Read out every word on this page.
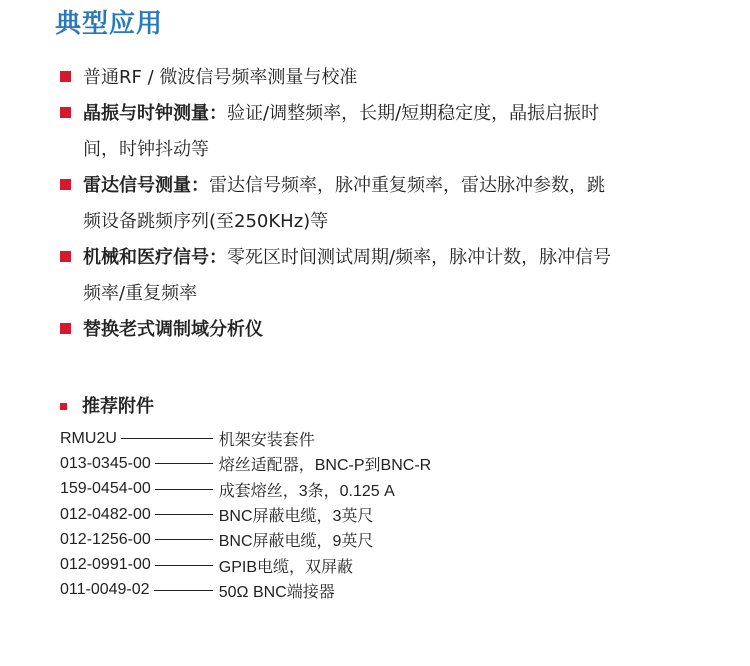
典型应用
普通RF / 微波信号频率测量与校准
晶振与时钟测量：验证/调整频率，长期/短期稳定度，晶振启振时间，时钟抖动等
雷达信号测量：雷达信号频率，脉冲重复频率，雷达脉冲参数，跳频设备跳频序列(至250KHz)等
机械和医疗信号：零死区时间测试周期/频率，脉冲计数，脉冲信号频率/重复频率
替换老式调制域分析仪
推荐附件
RMU2U	机架安装套件
013-0345-00	熔丝适配器，BNC-P到BNC-R
159-0454-00	成套熔丝，3条，0.125 A
012-0482-00	BNC屏蔽电缆，3英尺
012-1256-00	BNC屏蔽电缆，9英尺
012-0991-00	GPIB电缆，双屏蔽
011-0049-02	50Ω BNC端接器
